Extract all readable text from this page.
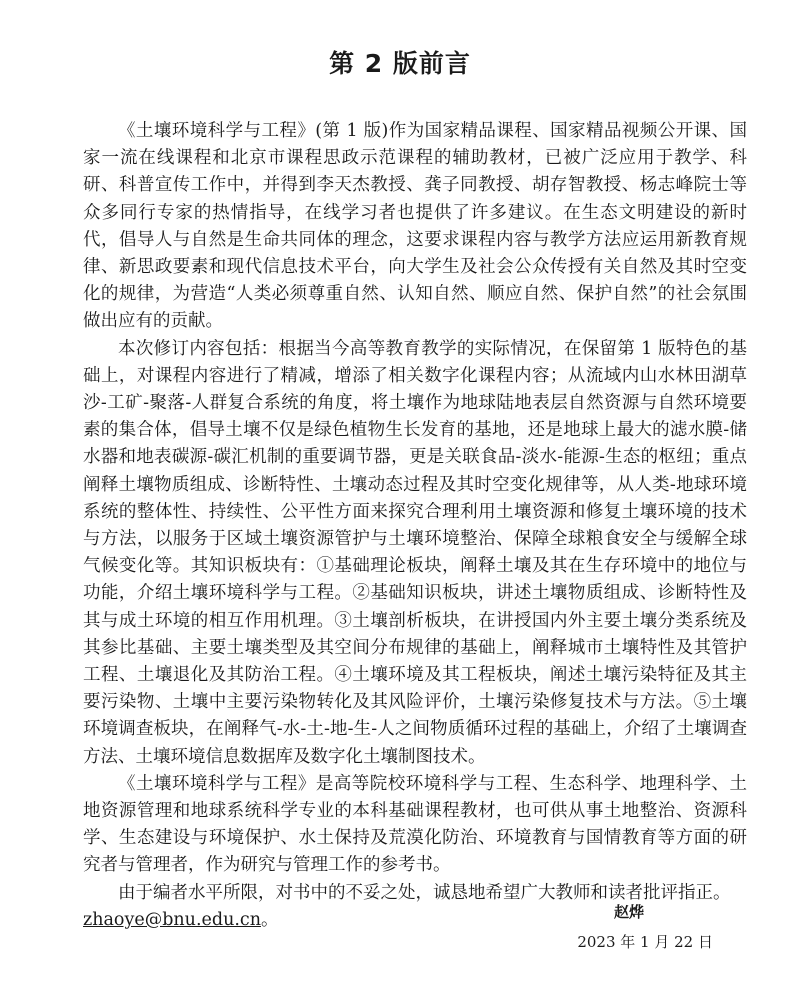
第 2 版前言

《土壤环境科学与工程》(第 1 版)作为国家精品课程、国家精品视频公开课、国家一流在线课程和北京市课程思政示范课程的辅助教材，已被广泛应用于教学、科研、科普宣传工作中，并得到李天杰教授、龚子同教授、胡存智教授、杨志峰院士等众多同行专家的热情指导，在线学习者也提供了许多建议。在生态文明建设的新时代，倡导人与自然是生命共同体的理念，这要求课程内容与教学方法应运用新教育规律、新思政要素和现代信息技术平台，向大学生及社会公众传授有关自然及其时空变化的规律，为营造“人类必须尊重自然、认知自然、顺应自然、保护自然”的社会氛围做出应有的贡献。

本次修订内容包括：根据当今高等教育教学的实际情况，在保留第 1 版特色的基础上，对课程内容进行了精减，增添了相关数字化课程内容；从流域内山水林田湖草沙-工矿-聚落-人群复合系统的角度，将土壤作为地球陆地表层自然资源与自然环境要素的集合体，倡导土壤不仅是绿色植物生长发育的基地，还是地球上最大的滤水膜-储水器和地表碳源-碳汇机制的重要调节器，更是关联食品-淡水-能源-生态的枢纽；重点阐释土壤物质组成、诊断特性、土壤动态过程及其时空变化规律等，从人类-地球环境系统的整体性、持续性、公平性方面来探究合理利用土壤资源和修复土壤环境的技术与方法，以服务于区域土壤资源管护与土壤环境整治、保障全球粮食安全与缓解全球气候变化等。其知识板块有：①基础理论板块，阐释土壤及其在生存环境中的地位与功能，介绍土壤环境科学与工程。②基础知识板块，讲述土壤物质组成、诊断特性及其与成土环境的相互作用机理。③土壤剖析板块，在讲授国内外主要土壤分类系统及其参比基础、主要土壤类型及其空间分布规律的基础上，阐释城市土壤特性及其管护工程、土壤退化及其防治工程。④土壤环境及其工程板块，阐述土壤污染特征及其主要污染物、土壤中主要污染物转化及其风险评价，土壤污染修复技术与方法。⑤土壤环境调查板块，在阐释气-水-土-地-生-人之间物质循环过程的基础上，介绍了土壤调查方法、土壤环境信息数据库及数字化土壤制图技术。

《土壤环境科学与工程》是高等院校环境科学与工程、生态科学、地理科学、土地资源管理和地球系统科学专业的本科基础课程教材，也可供从事土地整治、资源科学、生态建设与环境保护、水土保持及荒漠化防治、环境教育与国情教育等方面的研究者与管理者，作为研究与管理工作的参考书。

由于编者水平所限，对书中的不妥之处，诚恳地希望广大教师和读者批评指正。

zhaoye@bnu.edu.cn。	赵烨

2023 年 1 月 22 日
